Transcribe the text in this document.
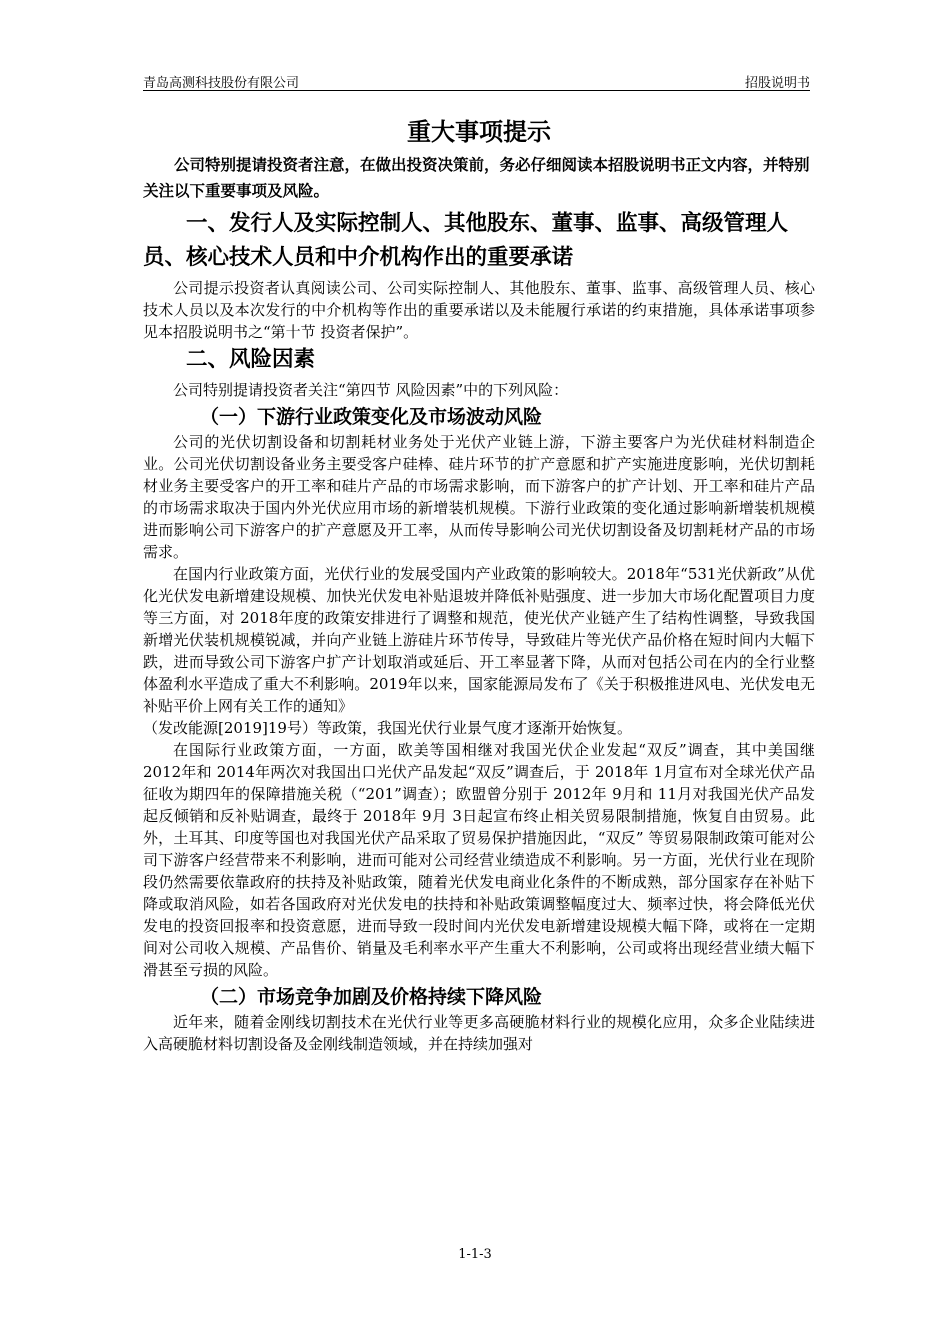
青岛高测科技股份有限公司	招股说明书
重大事项提示

公司特别提请投资者注意，在做出投资决策前，务必仔细阅读本招股说明书正文内容，并特别关注以下重要事项及风险。

一、发行人及实际控制人、其他股东、董事、监事、高级管理人员、核心技术人员和中介机构作出的重要承诺

公司提示投资者认真阅读公司、公司实际控制人、其他股东、董事、监事、高级管理人员、核心技术人员以及本次发行的中介机构等作出的重要承诺以及未能履行承诺的约束措施，具体承诺事项参见本招股说明书之“第十节 投资者保护”。

二、风险因素

公司特别提请投资者关注“第四节 风险因素”中的下列风险：

（一）下游行业政策变化及市场波动风险

公司的光伏切割设备和切割耗材业务处于光伏产业链上游，下游主要客户为光伏硅材料制造企业。公司光伏切割设备业务主要受客户硅棒、硅片环节的扩产意愿和扩产实施进度影响，光伏切割耗材业务主要受客户的开工率和硅片产品的市场需求影响，而下游客户的扩产计划、开工率和硅片产品的市场需求取决于国内外光伏应用市场的新增装机规模。下游行业政策的变化通过影响新增装机规模进而影响公司下游客户的扩产意愿及开工率，从而传导影响公司光伏切割设备及切割耗材产品的市场需求。

在国内行业政策方面，光伏行业的发展受国内产业政策的影响较大。2018年“531光伏新政”从优化光伏发电新增建设规模、加快光伏发电补贴退坡并降低补贴强度、进一步加大市场化配置项目力度等三方面，对 2018年度的政策安排进行了调整和规范，使光伏产业链产生了结构性调整，导致我国新增光伏装机规模锐减，并向产业链上游硅片环节传导，导致硅片等光伏产品价格在短时间内大幅下跌，进而导致公司下游客户扩产计划取消或延后、开工率显著下降，从而对包括公司在内的全行业整体盈利水平造成了重大不利影响。2019年以来，国家能源局发布了《关于积极推进风电、光伏发电无补贴平价上网有关工作的通知》

（发改能源[2019]19号）等政策，我国光伏行业景气度才逐渐开始恢复。

在国际行业政策方面，一方面，欧美等国相继对我国光伏企业发起“双反”调查，其中美国继 2012年和 2014年两次对我国出口光伏产品发起“双反”调查后，于 2018年 1月宣布对全球光伏产品征收为期四年的保障措施关税（“201”调查）；欧盟曾分别于 2012年 9月和 11月对我国光伏产品发起反倾销和反补贴调查，最终于 2018年 9月 3日起宣布终止相关贸易限制措施，恢复自由贸易。此外，土耳其、印度等国也对我国光伏产品采取了贸易保护措施因此，“双反” 等贸易限制政策可能对公司下游客户经营带来不利影响，进而可能对公司经营业绩造成不利影响。另一方面，光伏行业在现阶段仍然需要依靠政府的扶持及补贴政策，随着光伏发电商业化条件的不断成熟，部分国家存在补贴下降或取消风险，如若各国政府对光伏发电的扶持和补贴政策调整幅度过大、频率过快，将会降低光伏发电的投资回报率和投资意愿，进而导致一段时间内光伏发电新增建设规模大幅下降，或将在一定期间对公司收入规模、产品售价、销量及毛利率水平产生重大不利影响，公司或将出现经营业绩大幅下滑甚至亏损的风险。

（二）市场竞争加剧及价格持续下降风险

近年来，随着金刚线切割技术在光伏行业等更多高硬脆材料行业的规模化应用，众多企业陆续进入高硬脆材料切割设备及金刚线制造领域，并在持续加强对

1-1-3
